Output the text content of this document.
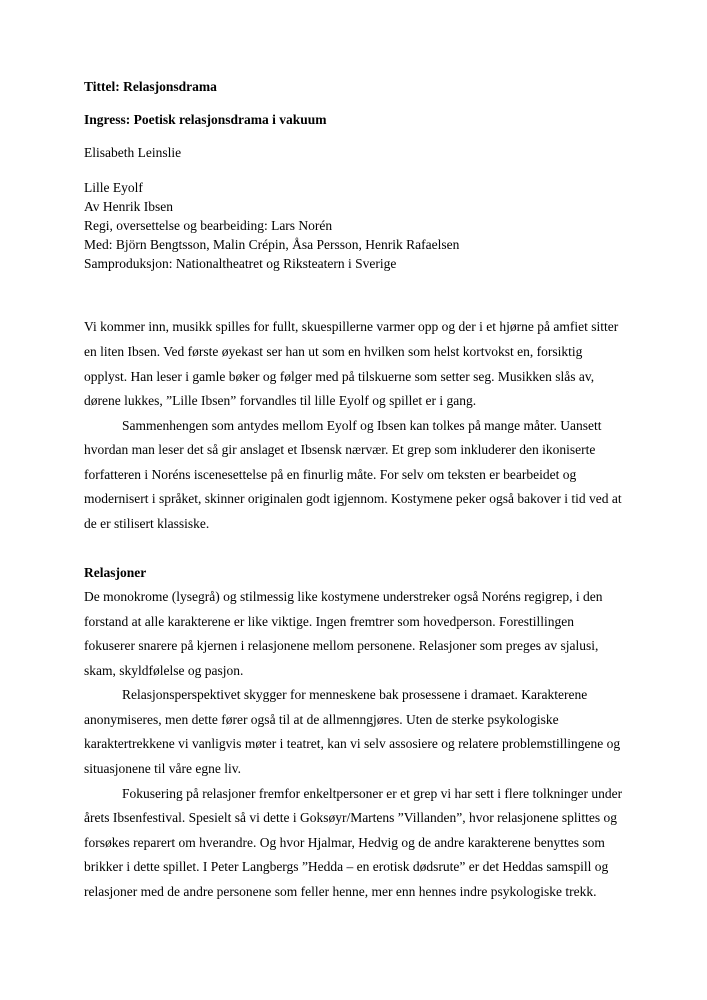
Tittel: Relasjonsdrama
Ingress: Poetisk relasjonsdrama i vakuum
Elisabeth Leinslie
Lille Eyolf
Av Henrik Ibsen
Regi, oversettelse og bearbeiding: Lars Norén
Med: Björn Bengtsson, Malin Crépin, Åsa Persson, Henrik Rafaelsen
Samproduksjon: Nationaltheatret og Riksteatern i Sverige

Vi kommer inn, musikk spilles for fullt, skuespillerne varmer opp og der i et hjørne på amfiet sitter en liten Ibsen. Ved første øyekast ser han ut som en hvilken som helst kortvokst en, forsiktig opplyst. Han leser i gamle bøker og følger med på tilskuerne som setter seg. Musikken slås av, dørene lukkes, ”Lille Ibsen” forvandles til lille Eyolf og spillet er i gang.

Sammenhengen som antydes mellom Eyolf og Ibsen kan tolkes på mange måter. Uansett hvordan man leser det så gir anslaget et Ibsensk nærvær. Et grep som inkluderer den ikoniserte forfatteren i Noréns iscenesettelse på en finurlig måte. For selv om teksten er bearbeidet og modernisert i språket, skinner originalen godt igjennom. Kostymene peker også bakover i tid ved at de er stilisert klassiske.

Relasjoner

De monokrome (lysegrå) og stilmessig like kostymene understreker også Noréns regigrep, i den forstand at alle karakterene er like viktige. Ingen fremtrer som hovedperson. Forestillingen fokuserer snarere på kjernen i relasjonene mellom personene. Relasjoner som preges av sjalusi, skam, skyldfølelse og pasjon.

Relasjonsperspektivet skygger for menneskene bak prosessene i dramaet. Karakterene anonymiseres, men dette fører også til at de allmenngjøres. Uten de sterke psykologiske karaktertrekkene vi vanligvis møter i teatret, kan vi selv assosiere og relatere problemstillingene og situasjonene til våre egne liv.

Fokusering på relasjoner fremfor enkeltpersoner er et grep vi har sett i flere tolkninger under årets Ibsenfestival. Spesielt så vi dette i Goksøyr/Martens ”Villanden”, hvor relasjonene splittes og forsøkes reparert om hverandre. Og hvor Hjalmar, Hedvig og de andre karakterene benyttes som brikker i dette spillet. I Peter Langbergs ”Hedda – en erotisk dødsrute” er det Heddas samspill og relasjoner med de andre personene som feller henne, mer enn hennes indre psykologiske trekk.
